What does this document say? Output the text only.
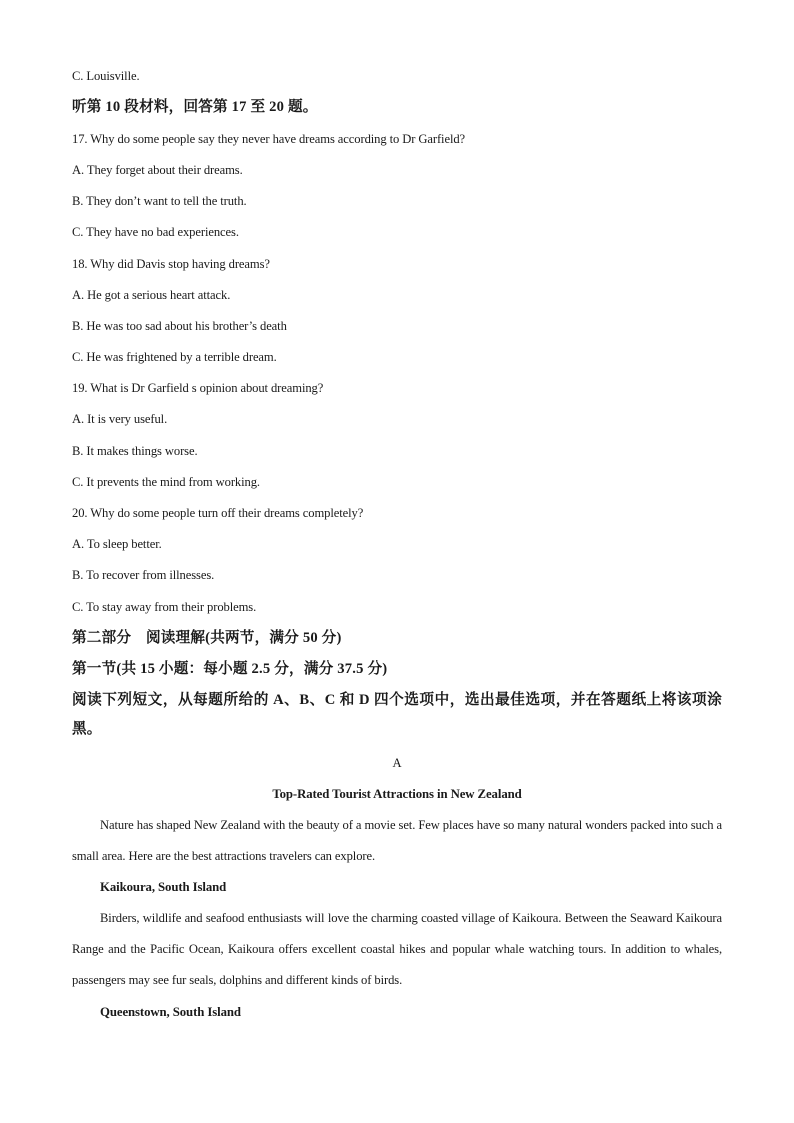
C. Louisville.
听第 10 段材料，回答第 17 至 20 题。
17. Why do some people say they never have dreams according to Dr Garfield?
A. They forget about their dreams.
B. They don’t want to tell the truth.
C. They have no bad experiences.
18. Why did Davis stop having dreams?
A. He got a serious heart attack.
B. He was too sad about his brother’s death
C. He was frightened by a terrible dream.
19. What is Dr Garfield s opinion about dreaming?
A. It is very useful.
B. It makes things worse.
C. It prevents the mind from working.
20. Why do some people turn off their dreams completely?
A. To sleep better.
B. To recover from illnesses.
C. To stay away from their problems.
第二部分　阅读理解(共两节，满分 50 分)
第一节(共 15 小题：每小题 2.5 分，满分 37.5 分)
阅读下列短文，从每题所给的 A、B、C 和 D 四个选项中，选出最佳选项，并在答题纸上将该项涂黑。
A
Top-Rated Tourist Attractions in New Zealand
Nature has shaped New Zealand with the beauty of a movie set. Few places have so many natural wonders packed into such a small area. Here are the best attractions travelers can explore.
Kaikoura, South Island
Birders, wildlife and seafood enthusiasts will love the charming coasted village of Kaikoura. Between the Seaward Kaikoura Range and the Pacific Ocean, Kaikoura offers excellent coastal hikes and popular whale watching tours. In addition to whales, passengers may see fur seals, dolphins and different kinds of birds.
Queenstown, South Island
